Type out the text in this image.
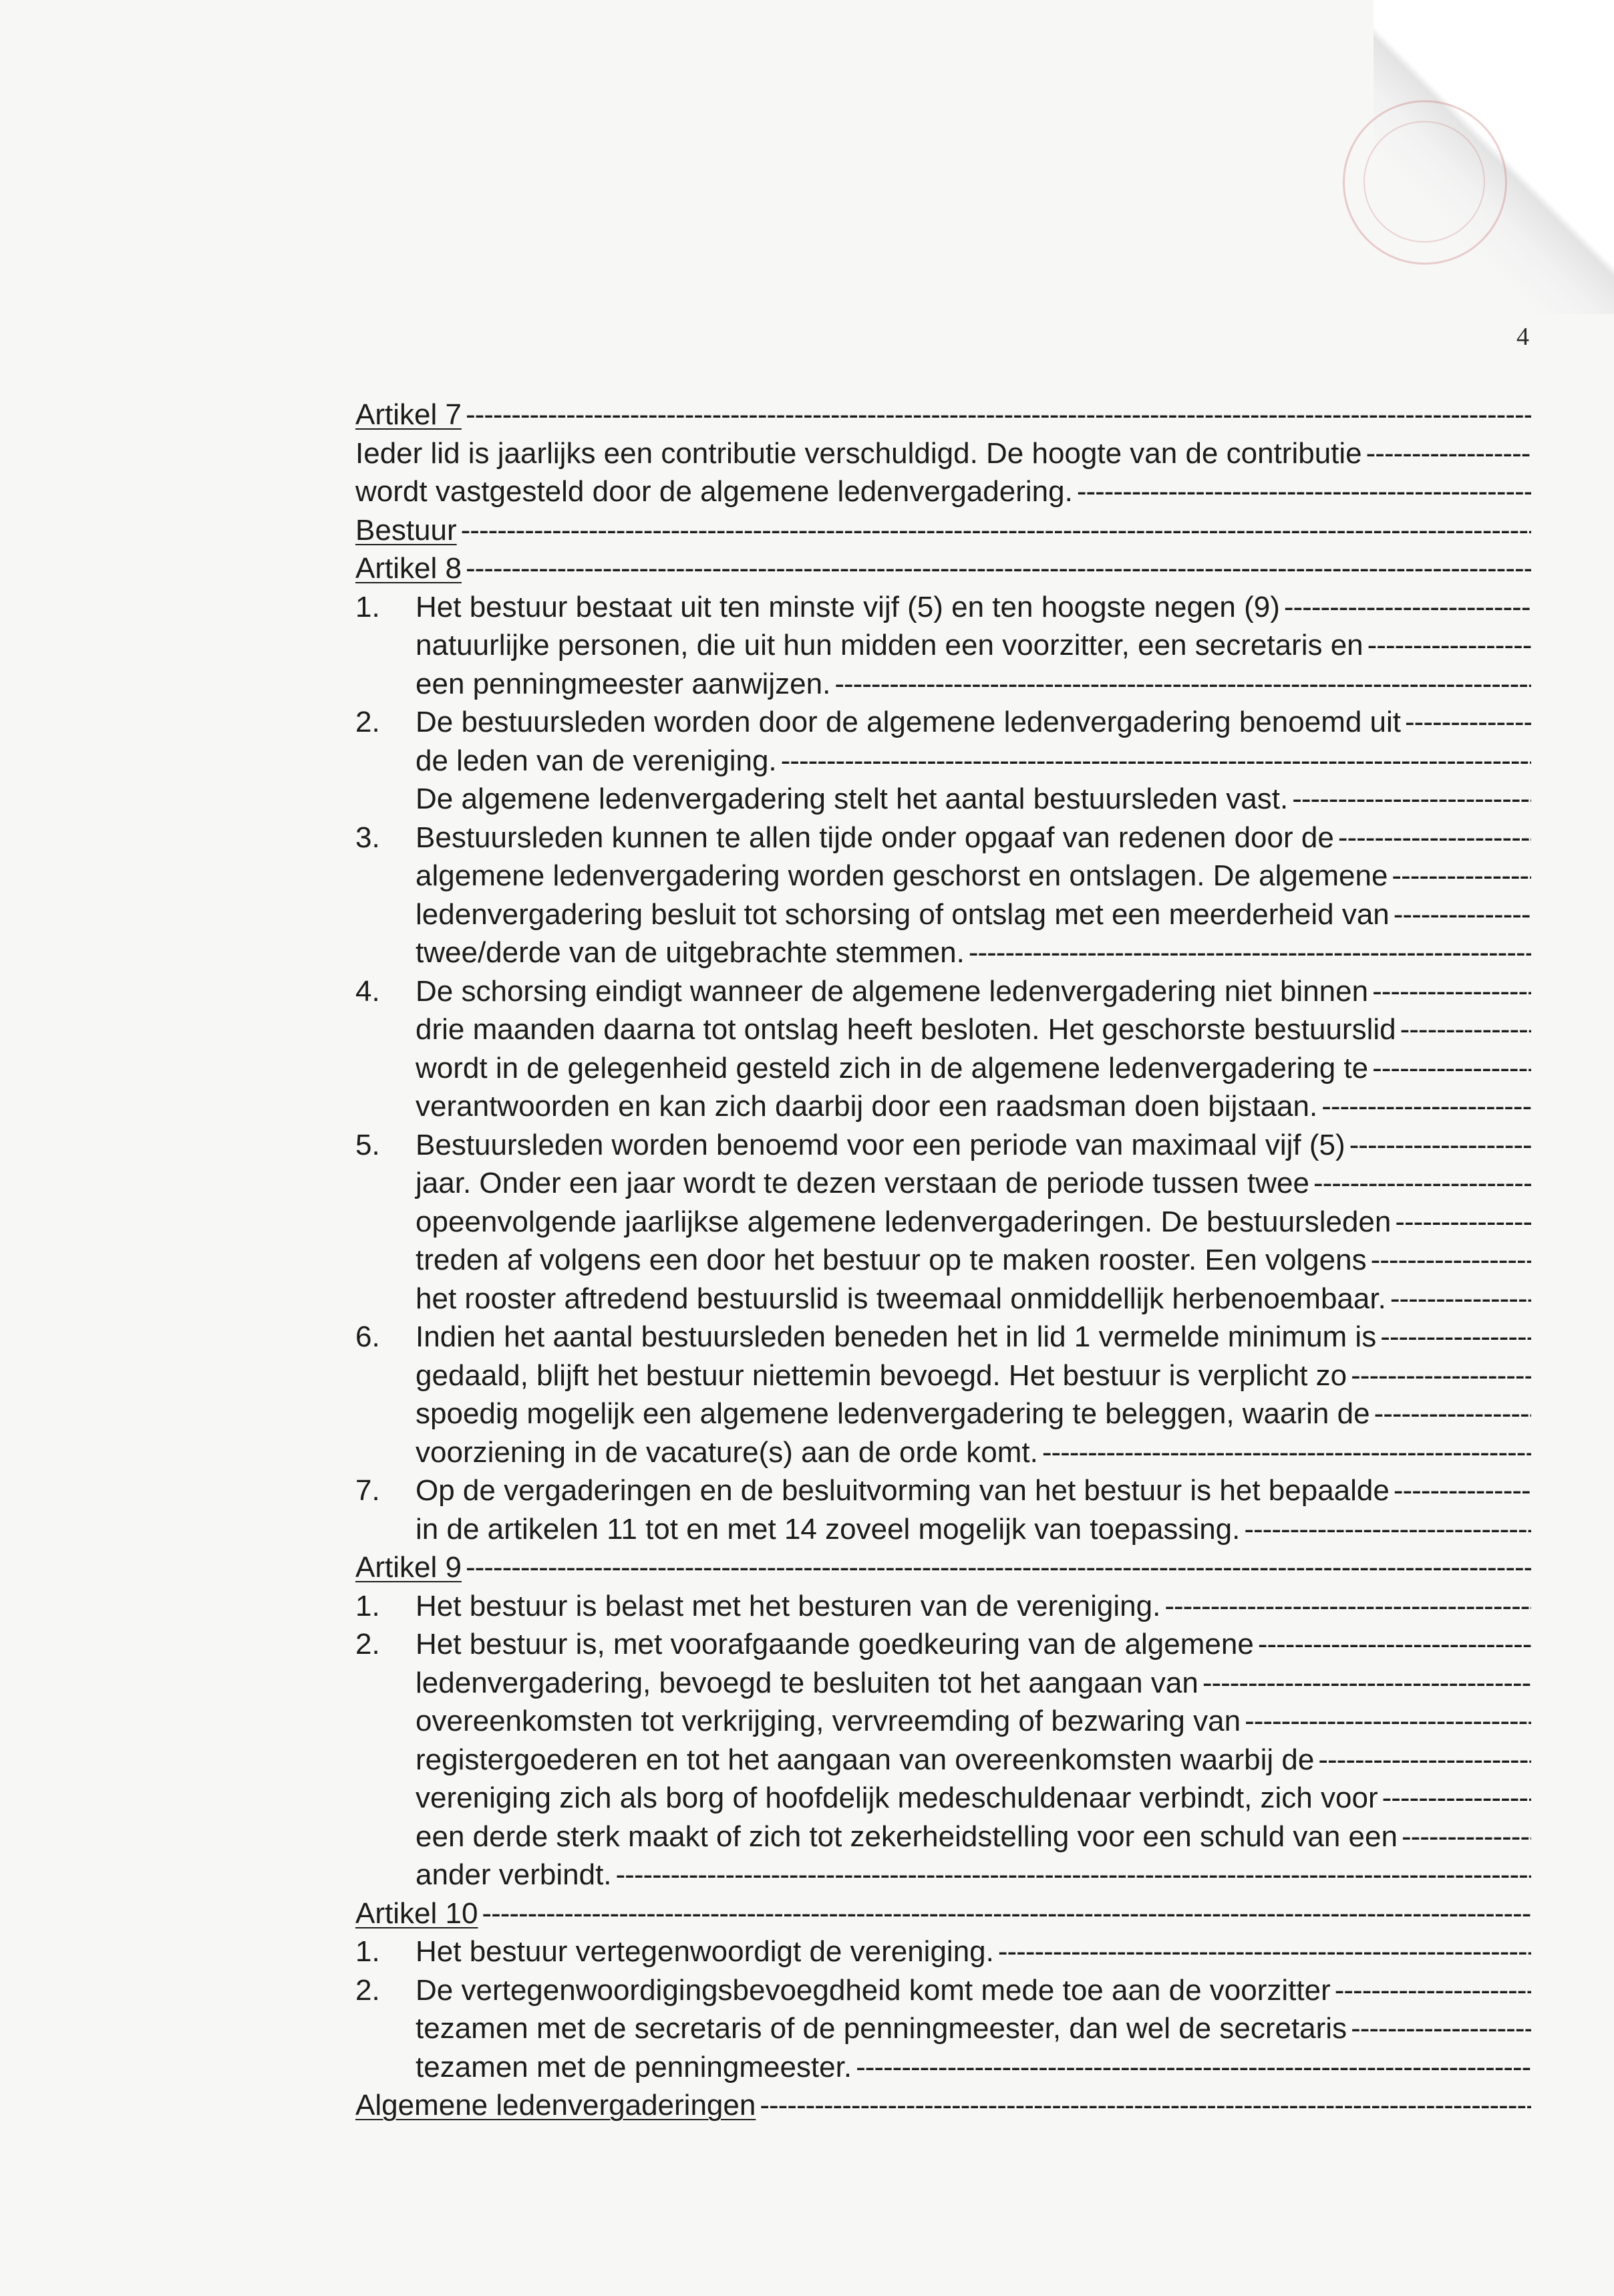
4
Artikel 7
-----
Ieder lid is jaarlijks een contributie verschuldigd. De hoogte van de contributie
-----
wordt vastgesteld door de algemene ledenvergadering.
-----
Bestuur
-----
Artikel 8
-----
1.	Het bestuur bestaat uit ten minste vijf (5) en ten hoogste negen (9)
-----
natuurlijke personen, die uit hun midden een voorzitter, een secretaris en
-----
een penningmeester aanwijzen.
-----
2.	De bestuursleden worden door de algemene ledenvergadering benoemd uit
-----
de leden van de vereniging.
-----
De algemene ledenvergadering stelt het aantal bestuursleden vast.
-----
3.	Bestuursleden kunnen te allen tijde onder opgaaf van redenen door de
-----
algemene ledenvergadering worden geschorst en ontslagen. De algemene
-----
ledenvergadering besluit tot schorsing of ontslag met een meerderheid van
-----
twee/derde van de uitgebrachte stemmen.
-----
4.	De schorsing eindigt wanneer de algemene ledenvergadering niet binnen
-----
drie maanden daarna tot ontslag heeft besloten. Het geschorste bestuurslid
-----
wordt in de gelegenheid gesteld zich in de algemene ledenvergadering te
-----
verantwoorden en kan zich daarbij door een raadsman doen bijstaan.
-----
5.	Bestuursleden worden benoemd voor een periode van maximaal vijf (5)
-----
jaar. Onder een jaar wordt te dezen verstaan de periode tussen twee
-----
opeenvolgende jaarlijkse algemene ledenvergaderingen. De bestuursleden
-----
treden af volgens een door het bestuur op te maken rooster. Een volgens
-----
het rooster aftredend bestuurslid is tweemaal onmiddellijk herbenoembaar.
-----
6.	Indien het aantal bestuursleden beneden het in lid 1 vermelde minimum is
-----
gedaald, blijft het bestuur niettemin bevoegd. Het bestuur is verplicht zo
-----
spoedig mogelijk een algemene ledenvergadering te beleggen, waarin de
-----
voorziening in de vacature(s) aan de orde komt.
-----
7.	Op de vergaderingen en de besluitvorming van het bestuur is het bepaalde
-----
in de artikelen 11 tot en met 14 zoveel mogelijk van toepassing.
-----
Artikel 9
-----
1.	Het bestuur is belast met het besturen van de vereniging.
-----
2.	Het bestuur is, met voorafgaande goedkeuring van de algemene
-----
ledenvergadering, bevoegd te besluiten tot het aangaan van
-----
overeenkomsten tot verkrijging, vervreemding of bezwaring van
-----
registergoederen en tot het aangaan van overeenkomsten waarbij de
-----
vereniging zich als borg of hoofdelijk medeschuldenaar verbindt, zich voor
-----
een derde sterk maakt of zich tot zekerheidstelling voor een schuld van een
-----
ander verbindt.
-----
Artikel 10
-----
1.	Het bestuur vertegenwoordigt de vereniging.
-----
2.	De vertegenwoordigingsbevoegdheid komt mede toe aan de voorzitter
-----
tezamen met de secretaris of de penningmeester, dan wel de secretaris
-----
tezamen met de penningmeester.
-----
Algemene ledenvergaderingen
-----
